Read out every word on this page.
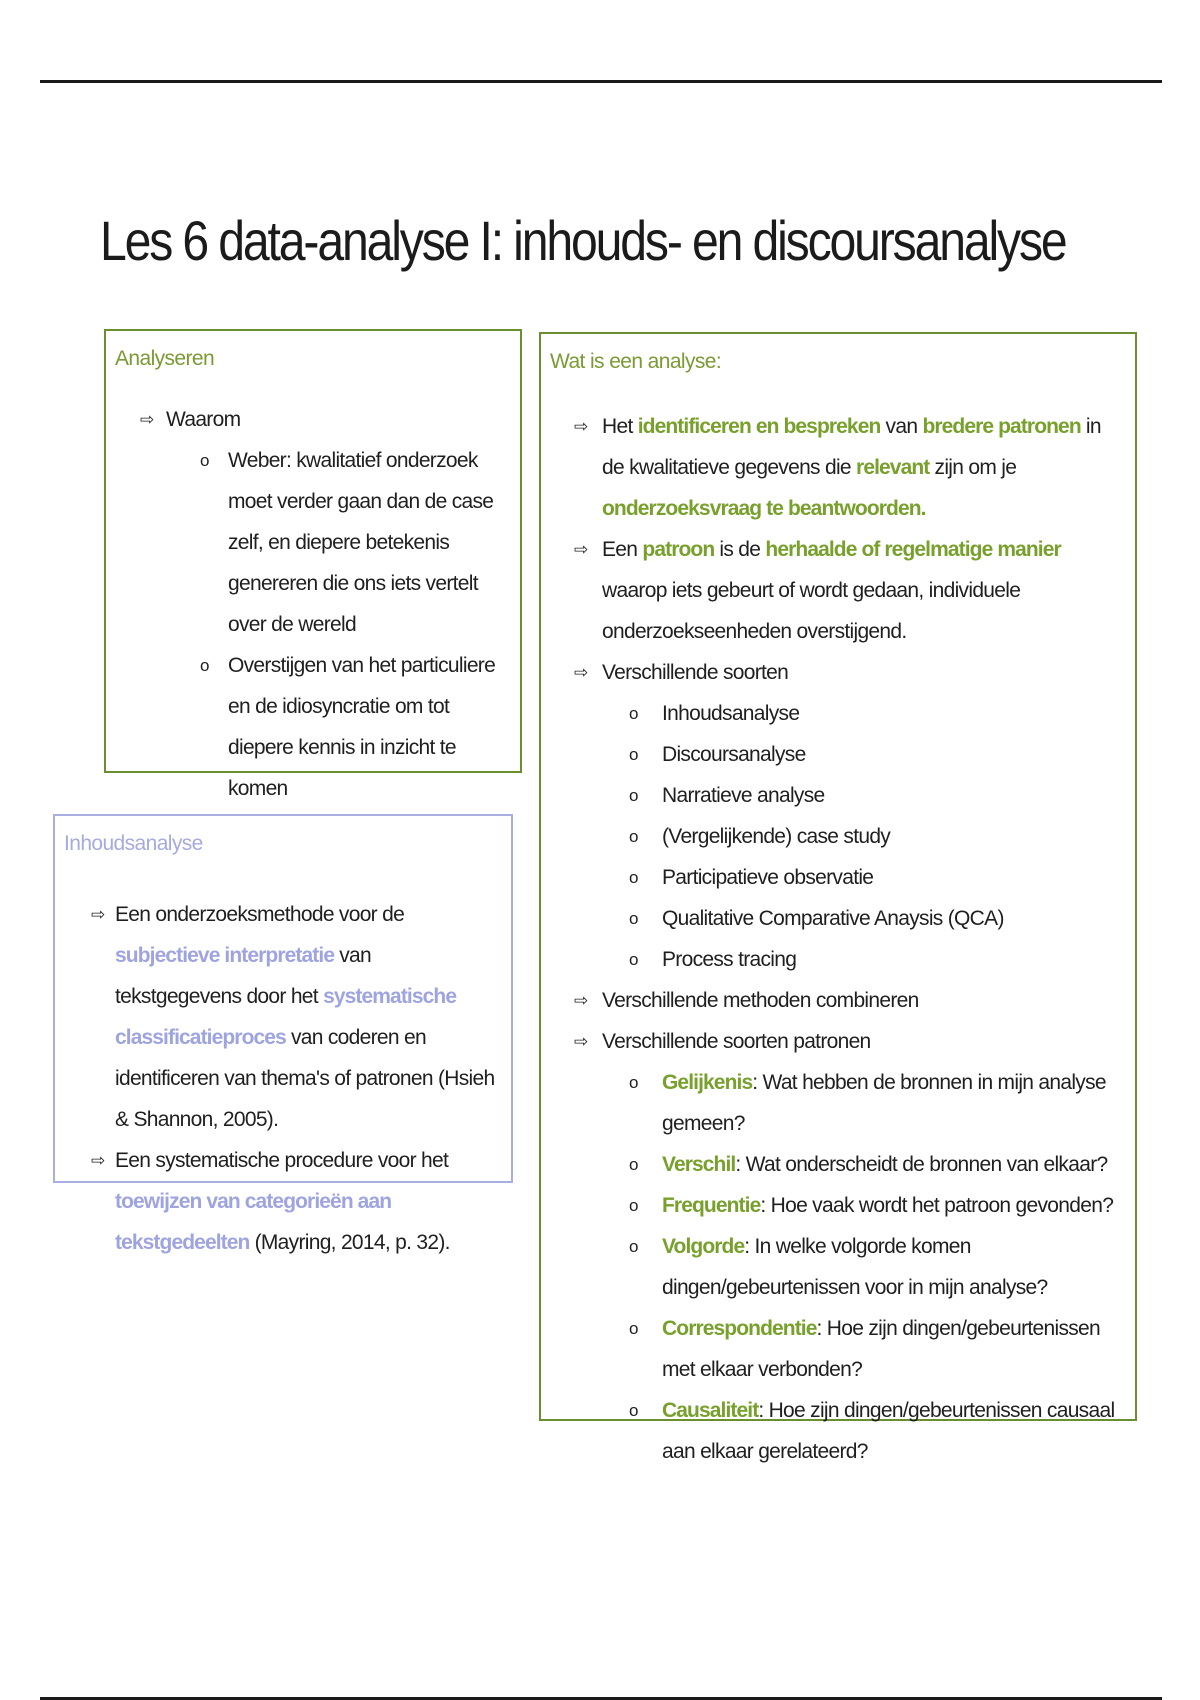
Les 6 data-analyse I: inhouds- en discoursanalyse
Analyseren
⇨ Waarom
o Weber: kwalitatief onderzoek moet verder gaan dan de case zelf, en diepere betekenis genereren die ons iets vertelt over de wereld
o Overstijgen van het particuliere en de idiosyncratie om tot diepere kennis in inzicht te komen
Inhoudsanalyse
⇨ Een onderzoeksmethode voor de subjectieve interpretatie van tekstgegevens door het systematische classificatieproces van coderen en identificeren van thema's of patronen (Hsieh & Shannon, 2005).
⇨ Een systematische procedure voor het toewijzen van categorieën aan tekstgedeelten (Mayring, 2014, p. 32).
Wat is een analyse:
⇨ Het identificeren en bespreken van bredere patronen in de kwalitatieve gegevens die relevant zijn om je onderzoeksvraag te beantwoorden.
⇨ Een patroon is de herhaalde of regelmatige manier waarop iets gebeurt of wordt gedaan, individuele onderzoekseenheden overstijgend.
⇨ Verschillende soorten
o Inhoudsanalyse
o Discoursanalyse
o Narratieve analyse
o (Vergelijkende) case study
o Participatieve observatie
o Qualitative Comparative Anaysis (QCA)
o Process tracing
⇨ Verschillende methoden combineren
⇨ Verschillende soorten patronen
o Gelijkenis: Wat hebben de bronnen in mijn analyse gemeen?
o Verschil: Wat onderscheidt de bronnen van elkaar?
o Frequentie: Hoe vaak wordt het patroon gevonden?
o Volgorde: In welke volgorde komen dingen/gebeurtenissen voor in mijn analyse?
o Correspondentie: Hoe zijn dingen/gebeurtenissen met elkaar verbonden?
o Causaliteit: Hoe zijn dingen/gebeurtenissen causaal aan elkaar gerelateerd?
